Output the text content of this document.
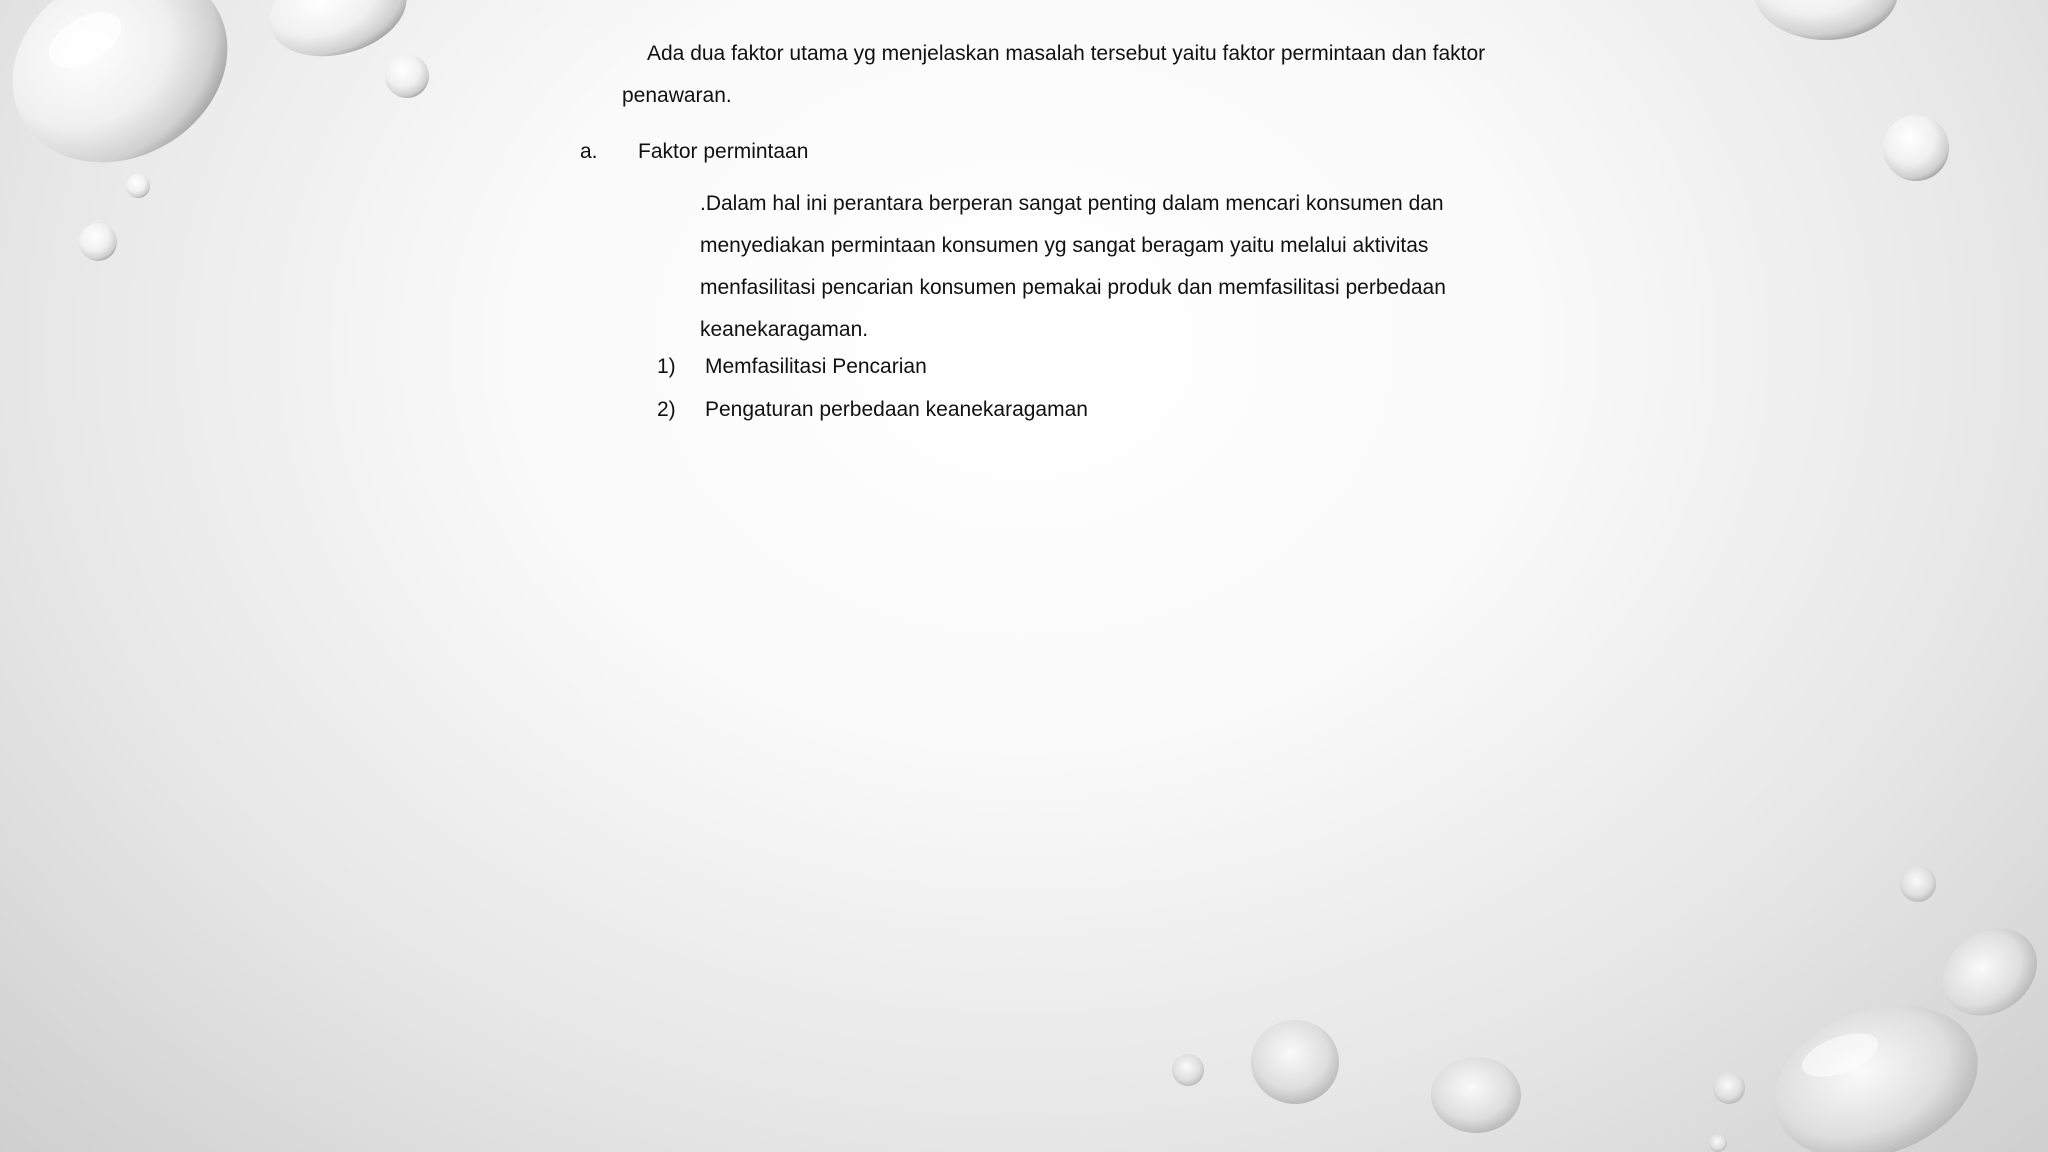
Ada dua faktor utama yg menjelaskan masalah tersebut yaitu faktor permintaan dan faktor
penawaran.
a. Faktor permintaan
.Dalam hal ini perantara berperan sangat penting dalam mencari konsumen dan
menyediakan permintaan konsumen yg sangat beragam yaitu melalui aktivitas
menfasilitasi pencarian konsumen pemakai produk dan memfasilitasi perbedaan
keanekaragaman.
1) Memfasilitasi Pencarian
2) Pengaturan perbedaan keanekaragaman
